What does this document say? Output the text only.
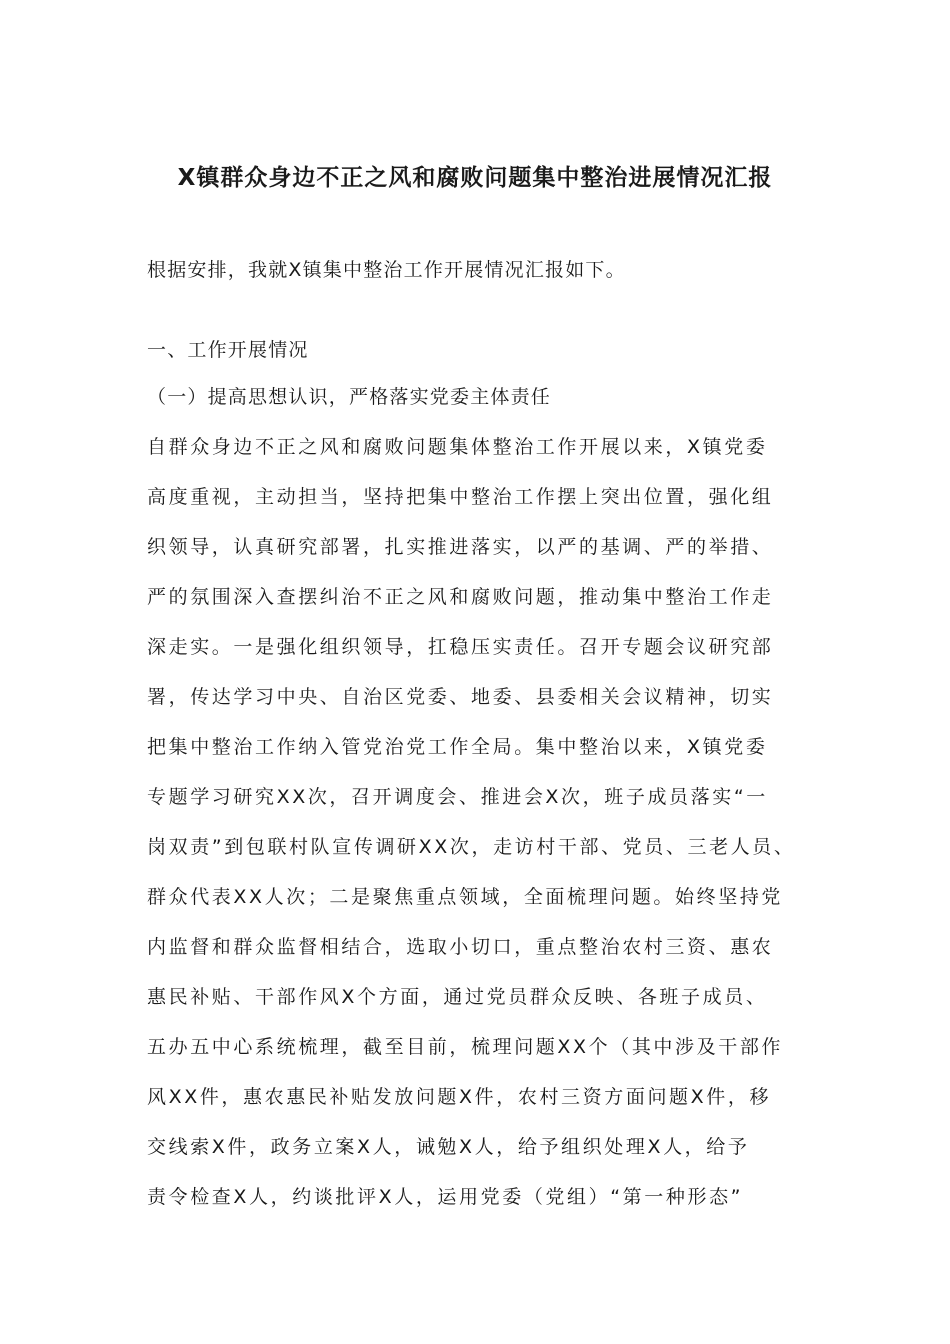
X镇群众身边不正之风和腐败问题集中整治进展情况汇报

根据安排，我就X镇集中整治工作开展情况汇报如下。

一、工作开展情况

（一）提高思想认识，严格落实党委主体责任

自群众身边不正之风和腐败问题集体整治工作开展以来，X镇党委

高度重视，主动担当，坚持把集中整治工作摆上突出位置，强化组

织领导，认真研究部署，扎实推进落实，以严的基调、严的举措、

严的氛围深入查摆纠治不正之风和腐败问题，推动集中整治工作走

深走实。一是强化组织领导，扛稳压实责任。召开专题会议研究部

署，传达学习中央、自治区党委、地委、县委相关会议精神，切实

把集中整治工作纳入管党治党工作全局。集中整治以来，X镇党委

专题学习研究XX次，召开调度会、推进会X次，班子成员落实“一

岗双责”到包联村队宣传调研XX次，走访村干部、党员、三老人员、

群众代表XX人次；二是聚焦重点领域，全面梳理问题。始终坚持党

内监督和群众监督相结合，选取小切口，重点整治农村三资、惠农

惠民补贴、干部作风X个方面，通过党员群众反映、各班子成员、

五办五中心系统梳理，截至目前，梳理问题XX个（其中涉及干部作

风XX件，惠农惠民补贴发放问题X件，农村三资方面问题X件，移

交线索X件，政务立案X人，诫勉X人，给予组织处理X人，给予

责令检查X人，约谈批评X人，运用党委（党组）“第一种形态”
